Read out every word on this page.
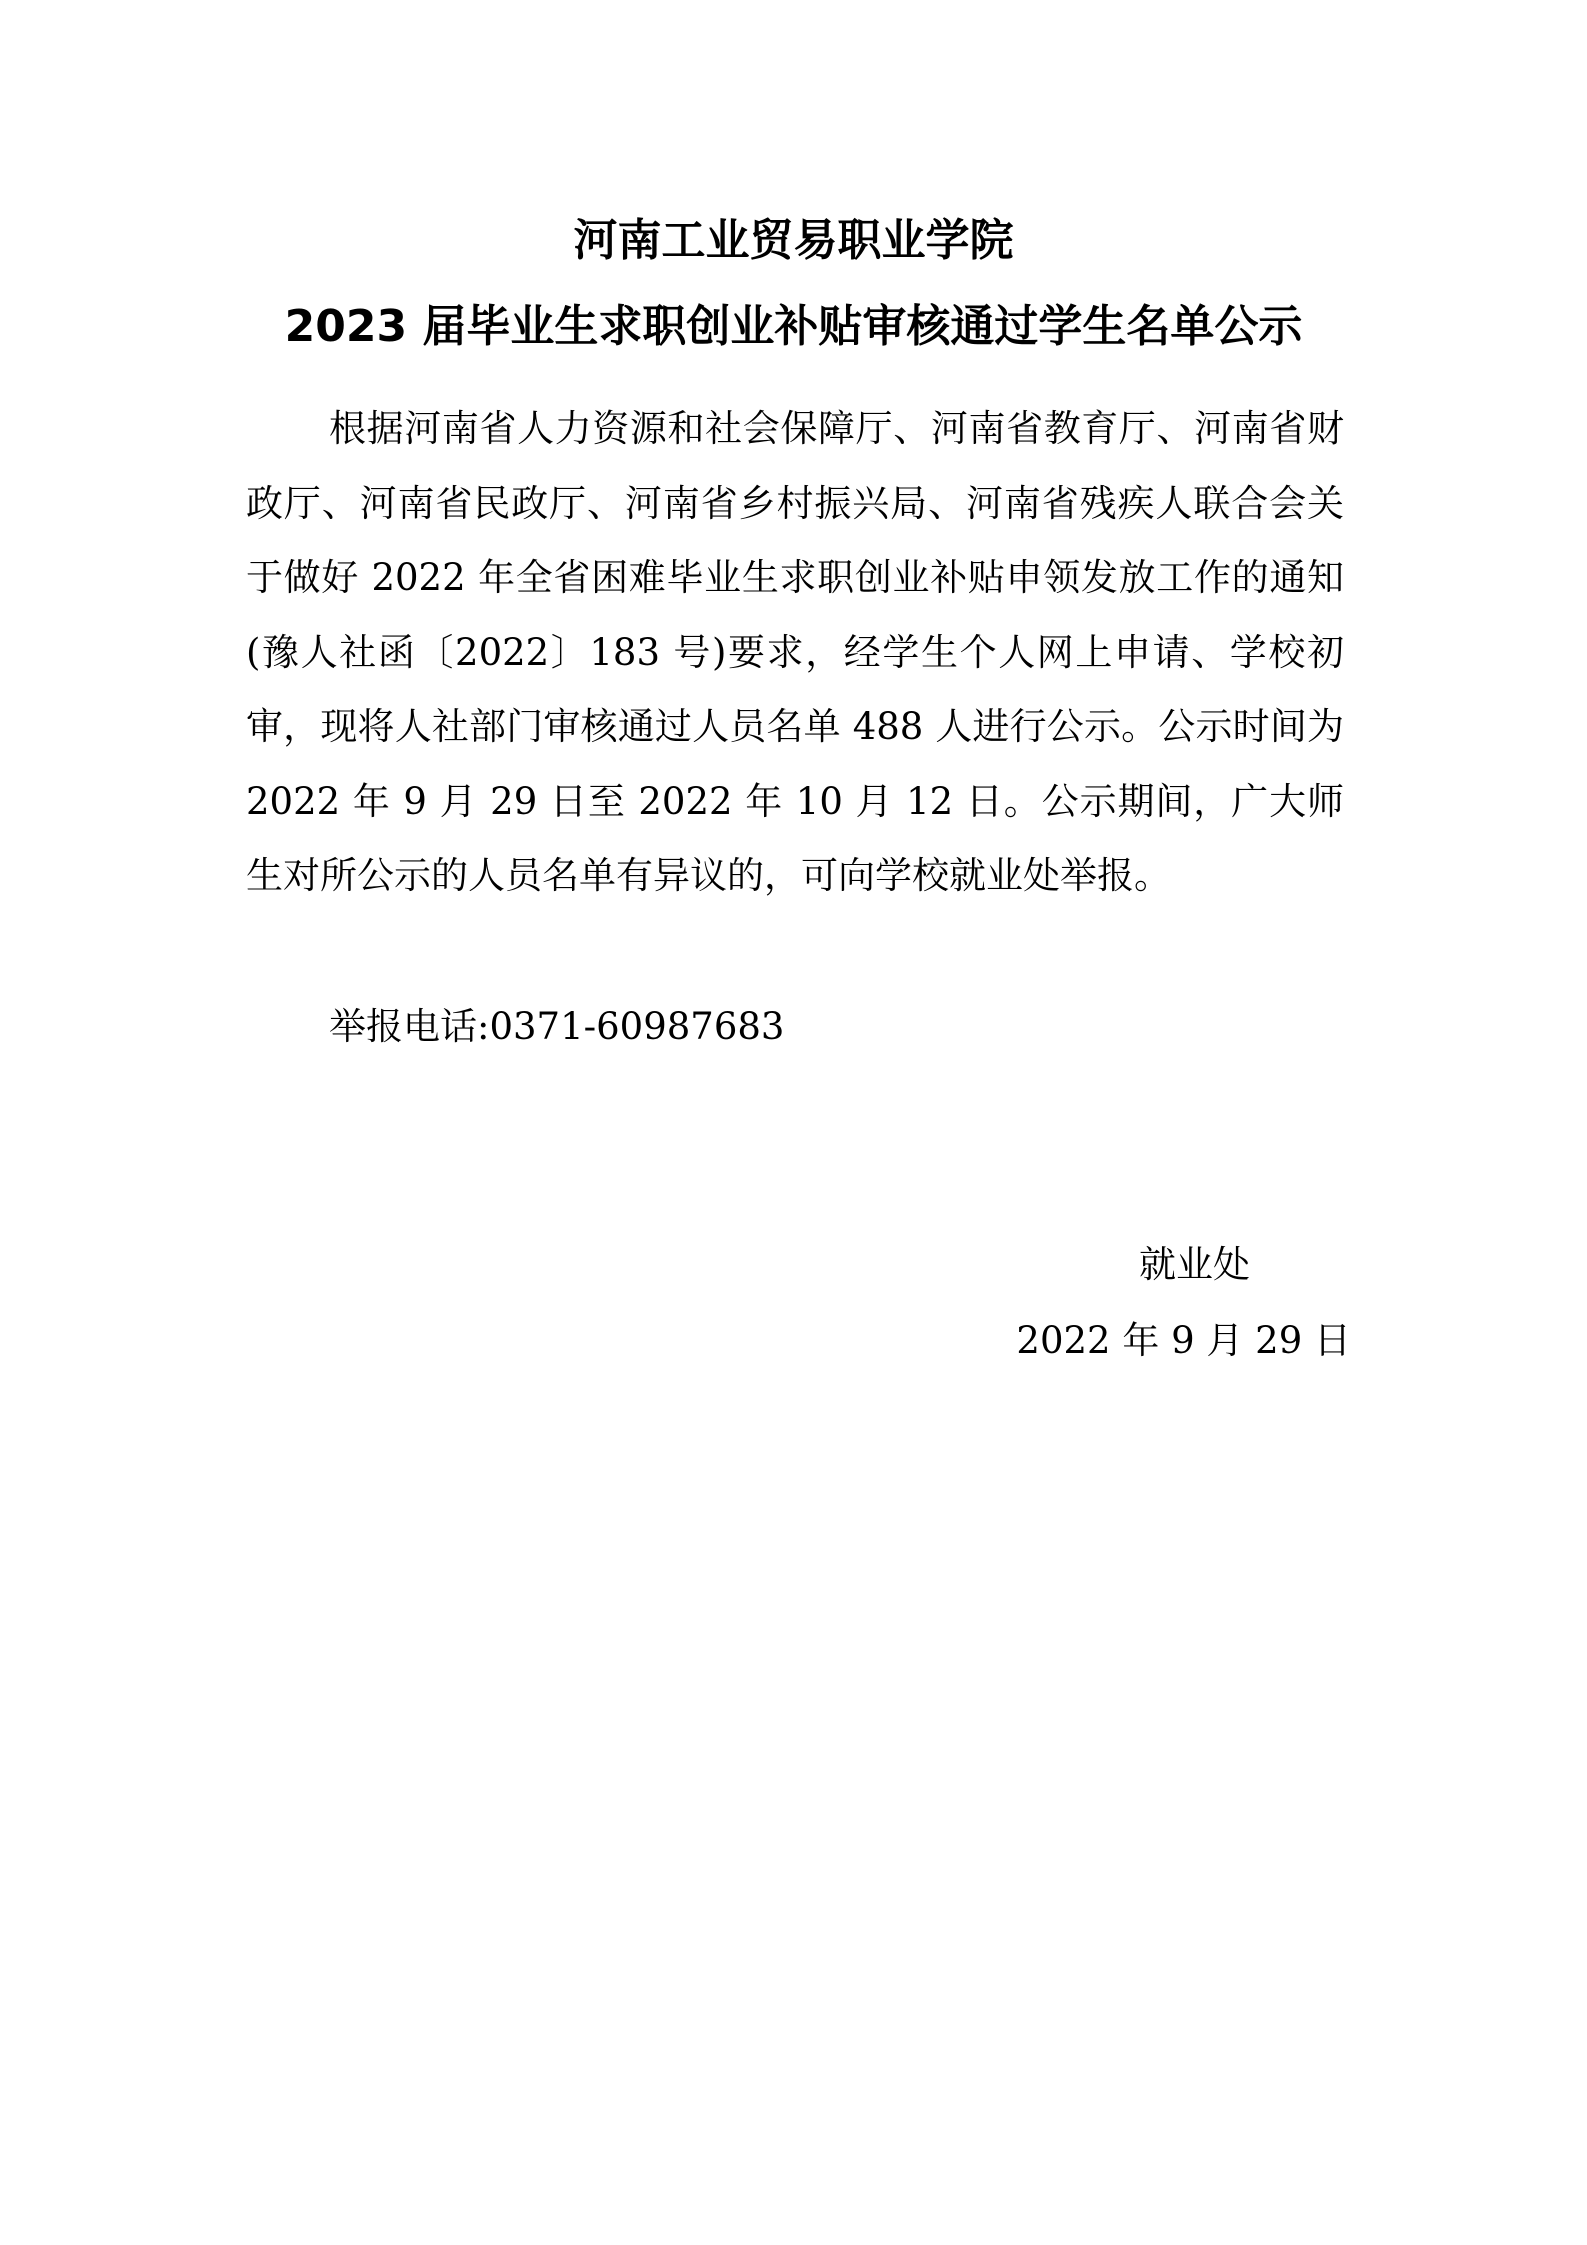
河南工业贸易职业学院
2023 届毕业生求职创业补贴审核通过学生名单公示

根据河南省人力资源和社会保障厅、河南省教育厅、河南省财政厅、河南省民政厅、河南省乡村振兴局、河南省残疾人联合会关于做好 2022 年全省困难毕业生求职创业补贴申领发放工作的通知(豫人社函〔2022〕183 号)要求，经学生个人网上申请、学校初审，现将人社部门审核通过人员名单 488 人进行公示。公示时间为 2022 年 9 月 29 日至 2022 年 10 月 12 日。公示期间，广大师生对所公示的人员名单有异议的，可向学校就业处举报。

举报电话:0371-60987683
就业处
2022 年 9 月 29 日
